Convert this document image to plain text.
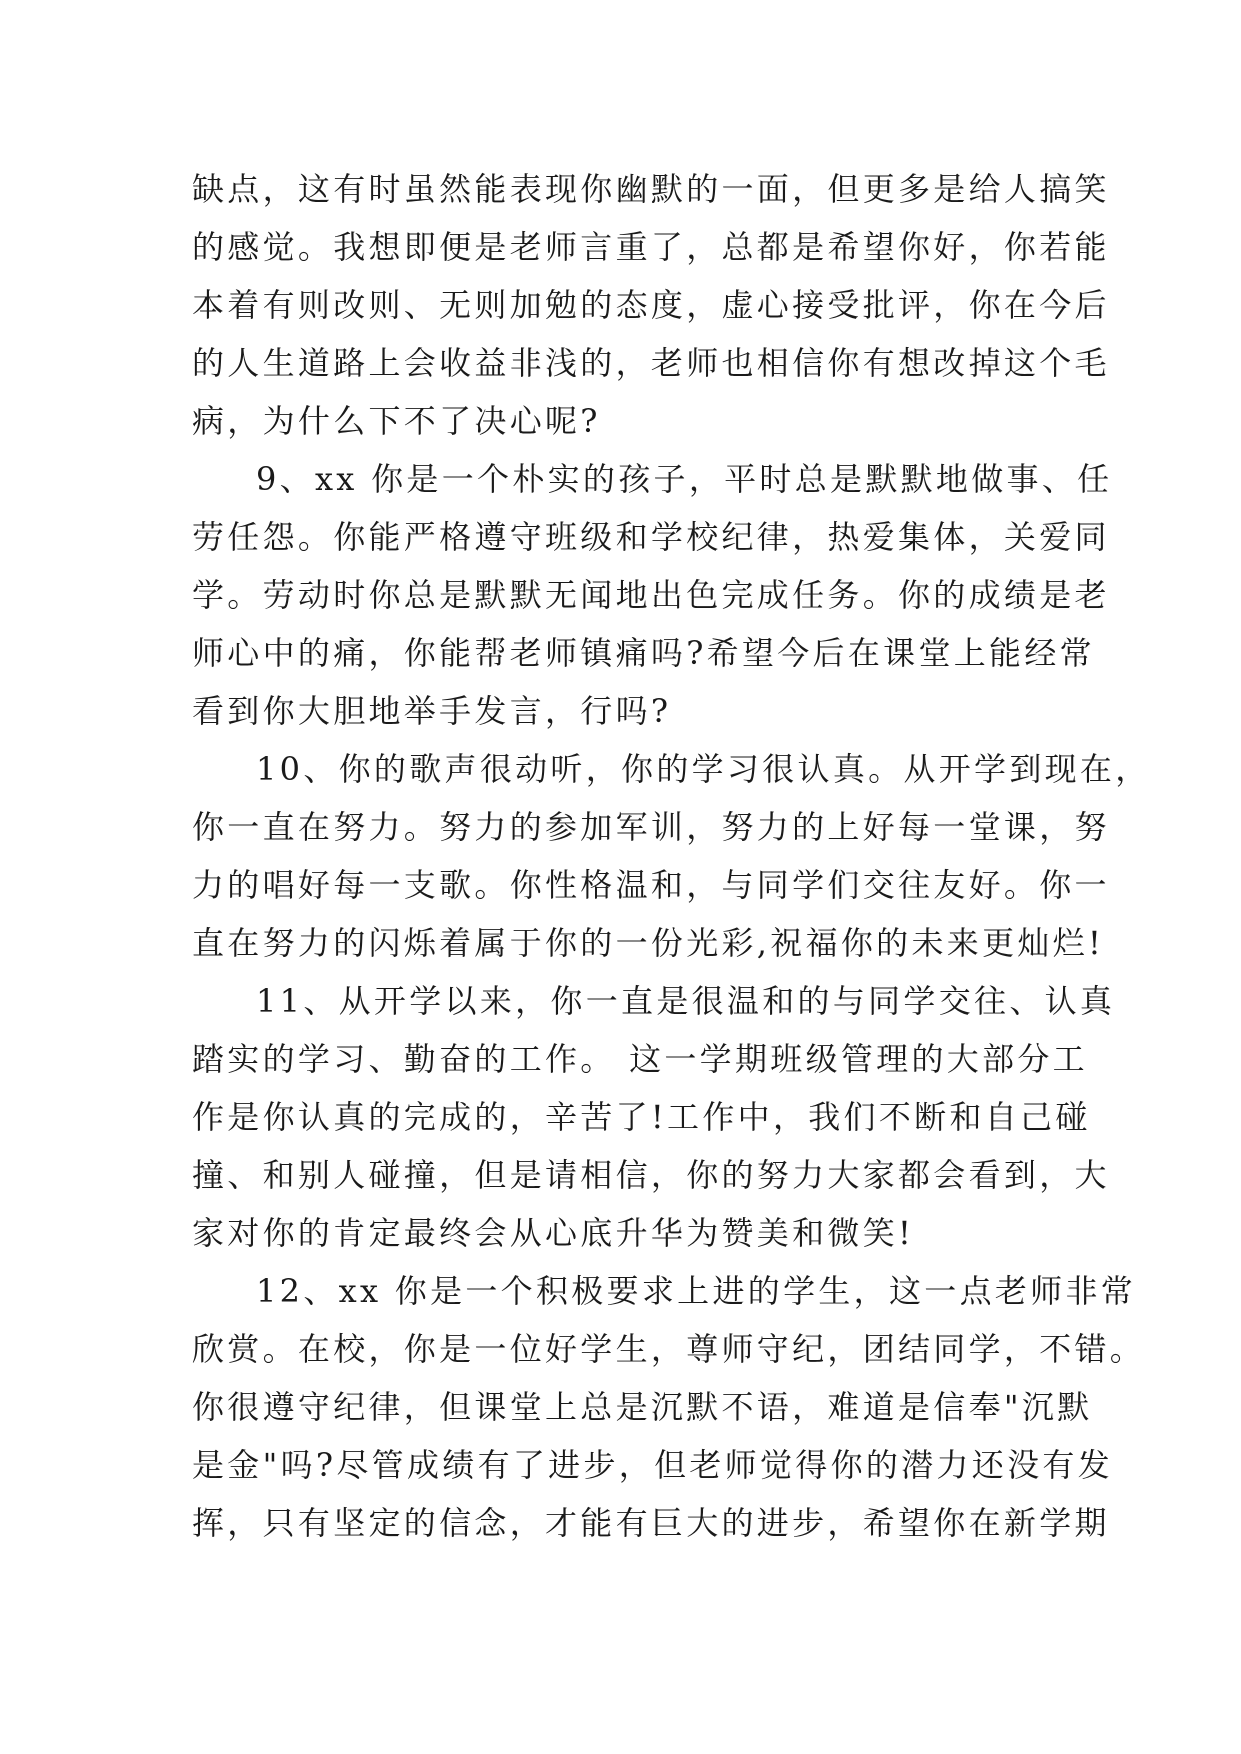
缺点，这有时虽然能表现你幽默的一面，但更多是给人搞笑
的感觉。我想即便是老师言重了，总都是希望你好，你若能
本着有则改则、无则加勉的态度，虚心接受批评，你在今后
的人生道路上会收益非浅的，老师也相信你有想改掉这个毛
病，为什么下不了决心呢?
9、xx 你是一个朴实的孩子，平时总是默默地做事、任
劳任怨。你能严格遵守班级和学校纪律，热爱集体，关爱同
学。劳动时你总是默默无闻地出色完成任务。你的成绩是老
师心中的痛，你能帮老师镇痛吗?希望今后在课堂上能经常
看到你大胆地举手发言，行吗?
10、你的歌声很动听，你的学习很认真。从开学到现在，
你一直在努力。努力的参加军训，努力的上好每一堂课，努
力的唱好每一支歌。你性格温和，与同学们交往友好。你一
直在努力的闪烁着属于你的一份光彩,祝福你的未来更灿烂!
11、从开学以来，你一直是很温和的与同学交往、认真
踏实的学习、勤奋的工作。 这一学期班级管理的大部分工
作是你认真的完成的，辛苦了!工作中，我们不断和自己碰
撞、和别人碰撞，但是请相信，你的努力大家都会看到，大
家对你的肯定最终会从心底升华为赞美和微笑!
12、xx 你是一个积极要求上进的学生，这一点老师非常
欣赏。在校，你是一位好学生，尊师守纪，团结同学，不错。
你很遵守纪律，但课堂上总是沉默不语，难道是信奉"沉默
是金"吗?尽管成绩有了进步，但老师觉得你的潜力还没有发
挥，只有坚定的信念，才能有巨大的进步，希望你在新学期
